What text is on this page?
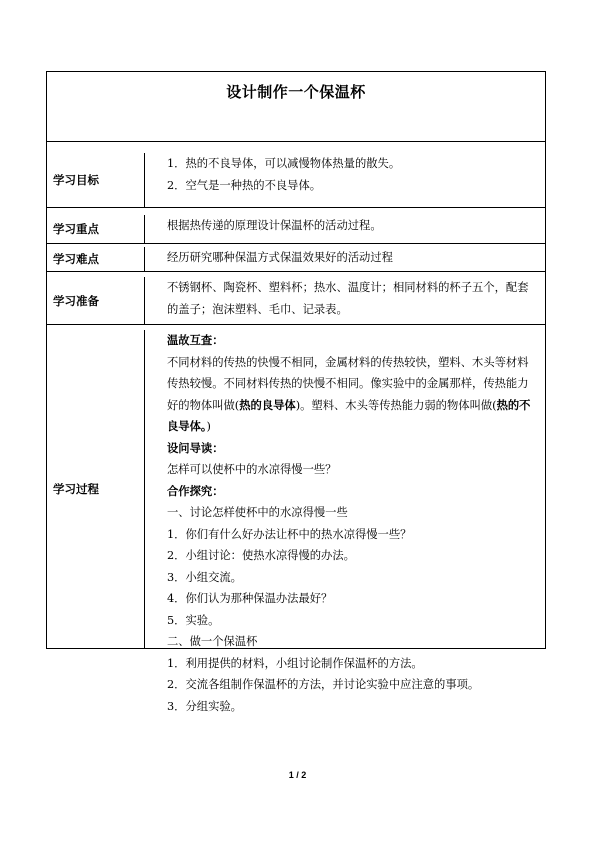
设计制作一个保温杯
学习目标
1．热的不良导体，可以减慢物体热量的散失。
2．空气是一种热的不良导体。
学习重点	根据热传递的原理设计保温杯的活动过程。
学习难点	经历研究哪种保温方式保温效果好的活动过程
学习准备
不锈钢杯、陶瓷杯、塑料杯；热水、温度计；相同材料的杯子五个，配套的盖子；泡沫塑料、毛巾、记录表。
学习过程
温故互查：
不同材料的传热的快慢不相同，金属材料的传热较快，塑料、木头等材料传热较慢。不同材料传热的快慢不相同。像实验中的金属那样，传热能力好的物体叫做(热的良导体)。塑料、木头等传热能力弱的物体叫做(热的不良导体。)
设问导读：
怎样可以使杯中的水凉得慢一些？
合作探究：
一、讨论怎样使杯中的水凉得慢一些
1．你们有什么好办法让杯中的热水凉得慢一些？
2．小组讨论：使热水凉得慢的办法。
3．小组交流。
4．你们认为那种保温办法最好？
5．实验。
二、做一个保温杯
1．利用提供的材料，小组讨论制作保温杯的方法。
2．交流各组制作保温杯的方法，并讨论实验中应注意的事项。
3．分组实验。
1 / 2
